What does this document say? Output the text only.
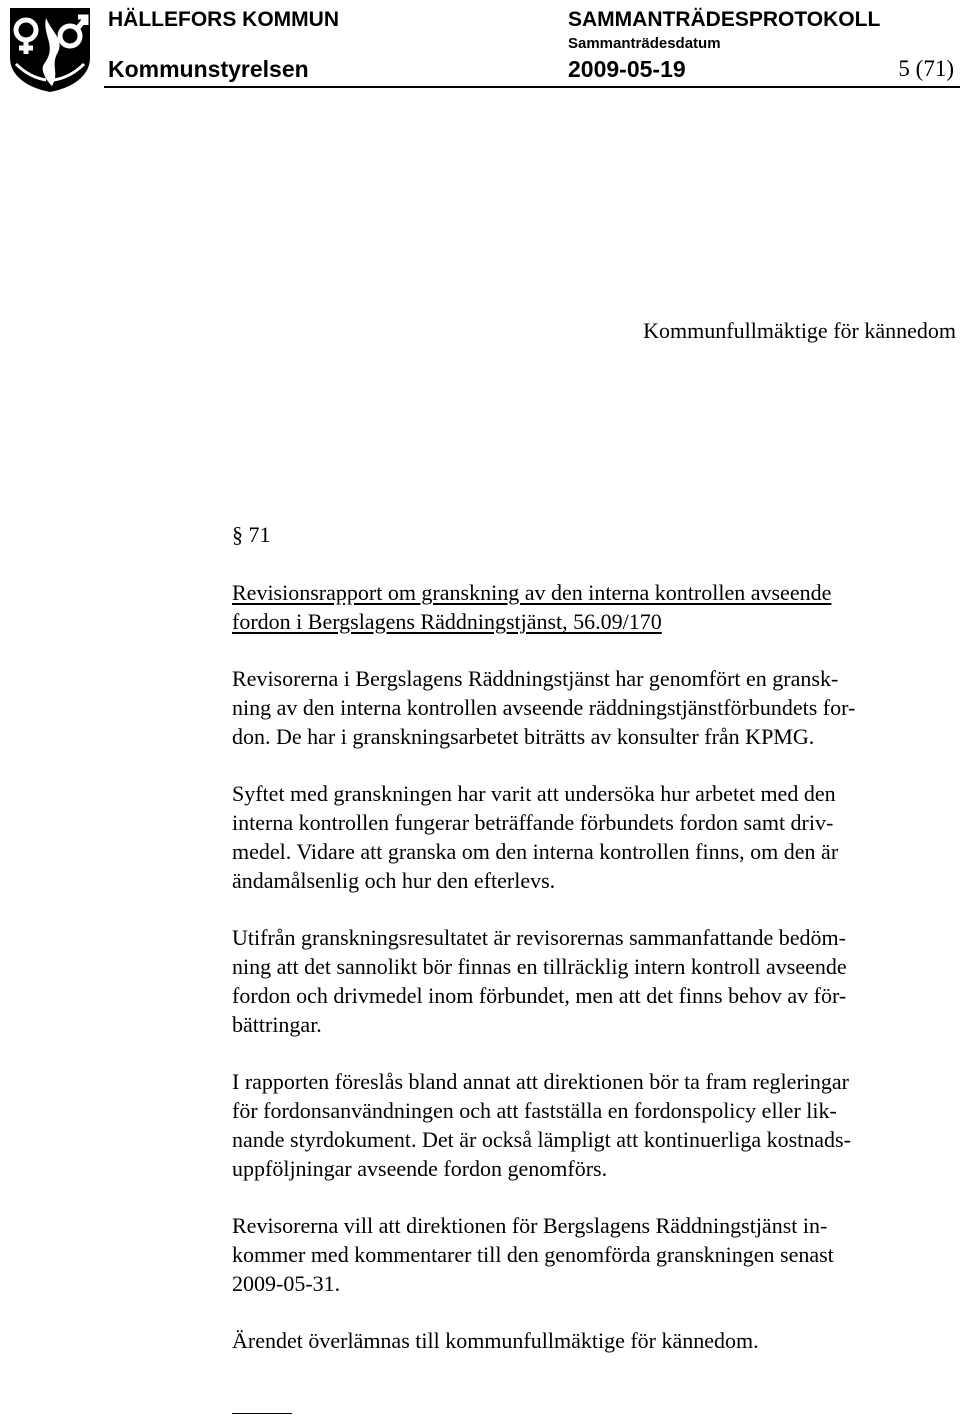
HÄLLEFORS KOMMUN	SAMMANTRÄDESPROTOKOLL
Sammanträdesdatum
Kommunstyrelsen	2009-05-19	5 (71)
Kommunfullmäktige för kännedom
§ 71

Revisionsrapport om granskning av den interna kontrollen avseende
fordon i Bergslagens Räddningstjänst, 56.09/170

Revisorerna i Bergslagens Räddningstjänst har genomfört en gransk-
ning av den interna kontrollen avseende räddningstjänstförbundets for-
don. De har i granskningsarbetet biträtts av konsulter från KPMG.

Syftet med granskningen har varit att undersöka hur arbetet med den
interna kontrollen fungerar beträffande förbundets fordon samt driv-
medel. Vidare att granska om den interna kontrollen finns, om den är
ändamålsenlig och hur den efterlevs.

Utifrån granskningsresultatet är revisorernas sammanfattande bedöm-
ning att det sannolikt bör finnas en tillräcklig intern kontroll avseende
fordon och drivmedel inom förbundet, men att det finns behov av för-
bättringar.

I rapporten föreslås bland annat att direktionen bör ta fram regleringar
för fordonsanvändningen och att fastställa en fordonspolicy eller lik-
nande styrdokument. Det är också lämpligt att kontinuerliga kostnads-
uppföljningar avseende fordon genomförs.

Revisorerna vill att direktionen för Bergslagens Räddningstjänst in-
kommer med kommentarer till den genomförda granskningen senast
2009-05-31.

Ärendet överlämnas till kommunfullmäktige för kännedom.
